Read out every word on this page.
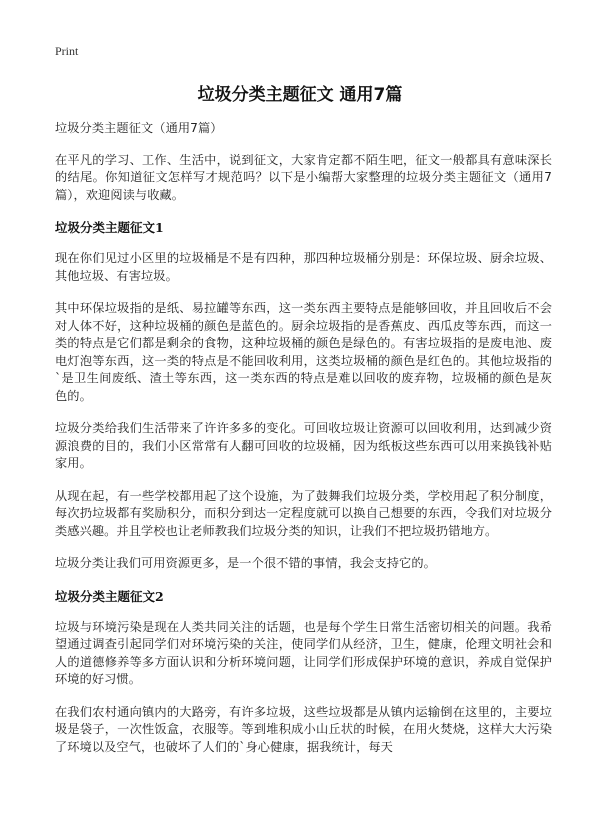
Print
垃圾分类主题征文 通用7篇

垃圾分类主题征文（通用7篇）

在平凡的学习、工作、生活中，说到征文，大家肯定都不陌生吧，征文一般都具有意味深长的结尾。你知道征文怎样写才规范吗？以下是小编帮大家整理的垃圾分类主题征文（通用7篇），欢迎阅读与收藏。

垃圾分类主题征文1

现在你们见过小区里的垃圾桶是不是有四种，那四种垃圾桶分别是：环保垃圾、厨余垃圾、其他垃圾、有害垃圾。

其中环保垃圾指的是纸、易拉罐等东西，这一类东西主要特点是能够回收，并且回收后不会对人体不好，这种垃圾桶的颜色是蓝色的。厨余垃圾指的是香蕉皮、西瓜皮等东西，而这一类的特点是它们都是剩余的食物，这种垃圾桶的颜色是绿色的。有害垃圾指的是废电池、废电灯泡等东西，这一类的特点是不能回收利用，这类垃圾桶的颜色是红色的。其他垃圾指的`是卫生间废纸、渣土等东西，这一类东西的特点是难以回收的废弃物，垃圾桶的颜色是灰色的。

垃圾分类给我们生活带来了许许多多的变化。可回收垃圾让资源可以回收利用，达到减少资源浪费的目的，我们小区常常有人翻可回收的垃圾桶，因为纸板这些东西可以用来换钱补贴家用。

从现在起，有一些学校都用起了这个设施，为了鼓舞我们垃圾分类，学校用起了积分制度，每次扔垃圾都有奖励积分，而积分到达一定程度就可以换自己想要的东西，令我们对垃圾分类感兴趣。并且学校也让老师教我们垃圾分类的知识，让我们不把垃圾扔错地方。

垃圾分类让我们可用资源更多，是一个很不错的事情，我会支持它的。

垃圾分类主题征文2

垃圾与环境污染是现在人类共同关注的话题，也是每个学生日常生活密切相关的问题。我希望通过调查引起同学们对环境污染的关注，使同学们从经济，卫生，健康，伦理文明社会和人的道德修养等多方面认识和分析环境问题，让同学们形成保护环境的意识，养成自觉保护环境的好习惯。

在我们农村通向镇内的大路旁，有许多垃圾，这些垃圾都是从镇内运输倒在这里的，主要垃圾是袋子，一次性饭盒，衣服等。等到堆积成小山丘状的时候，在用火焚烧，这样大大污染了环境以及空气，也破坏了人们的`身心健康，据我统计，每天
